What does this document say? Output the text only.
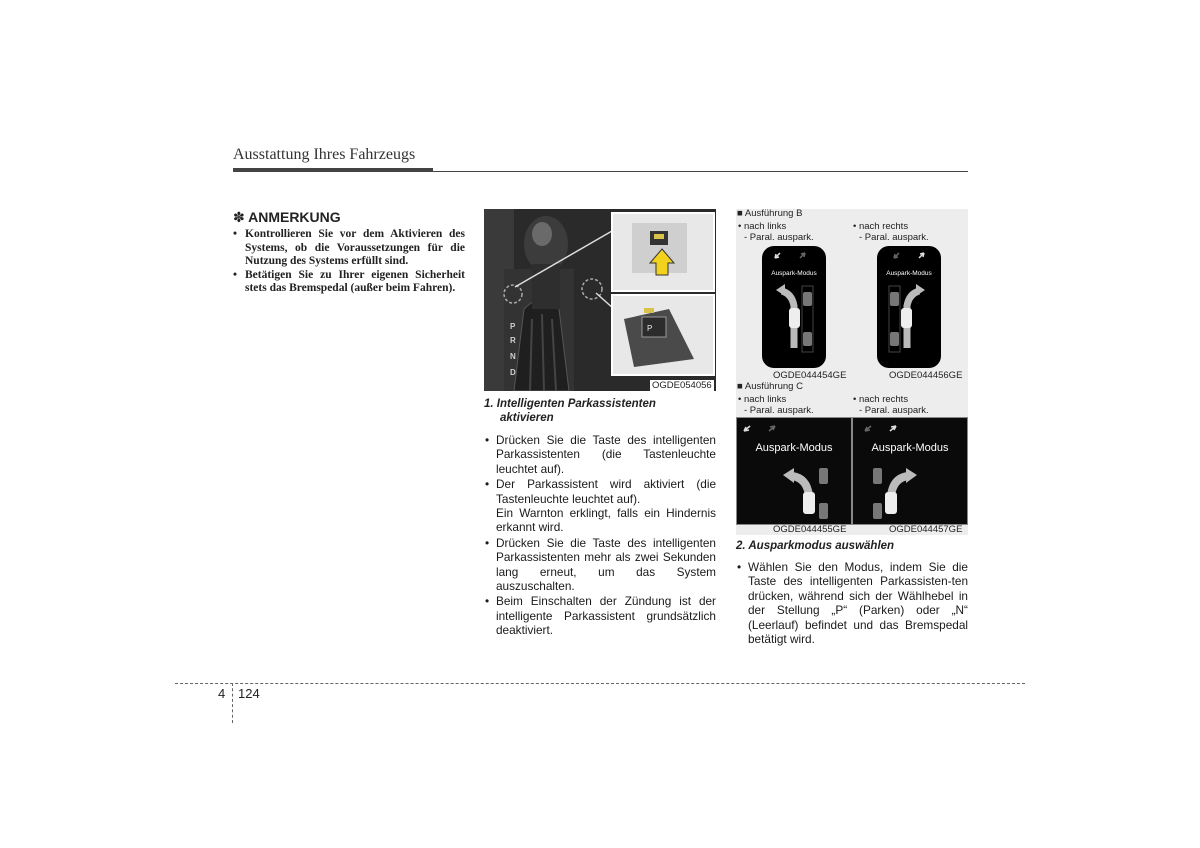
Ausstattung Ihres Fahrzeugs
✽ ANMERKUNG
• Kontrollieren Sie vor dem Aktivieren des Systems, ob die Voraussetzungen für die Nutzung des Systems erfüllt sind.
• Betätigen Sie zu Ihrer eigenen Sicherheit stets das Bremspedal (außer beim Fahren).
P
R
N
D
P
OGDE054056
1. Intelligenten Parkassistenten
aktivieren
• Drücken Sie die Taste des intelligenten Parkassistenten (die Tastenleuchte leuchtet auf).
• Der Parkassistent wird aktiviert (die Tastenleuchte leuchtet auf).
Ein Warnton erklingt, falls ein Hindernis erkannt wird.
• Drücken Sie die Taste des intelligenten Parkassistenten mehr als zwei Sekunden lang erneut, um das System auszuschalten.
• Beim Einschalten der Zündung ist der intelligente Parkassistent grundsätzlich deaktiviert.
■ Ausführung B
• nach links
- Paral. auspark.
• nach rechts
- Paral. auspark.
Auspark-Modus	Auspark-Modus
OGDE044454GE	OGDE044456GE
■ Ausführung C
• nach links
- Paral. auspark.
• nach rechts
- Paral. auspark.
Auspark-Modus	Auspark-Modus
OGDE044455GE	OGDE044457GE
2. Ausparkmodus auswählen
• Wählen Sie den Modus, indem Sie die Taste des intelligenten Parkassisten-ten drücken, während sich der Wählhebel in der Stellung „P“ (Parken) oder „N“ (Leerlauf) befindet und das Bremspedal betätigt wird.
4 124
